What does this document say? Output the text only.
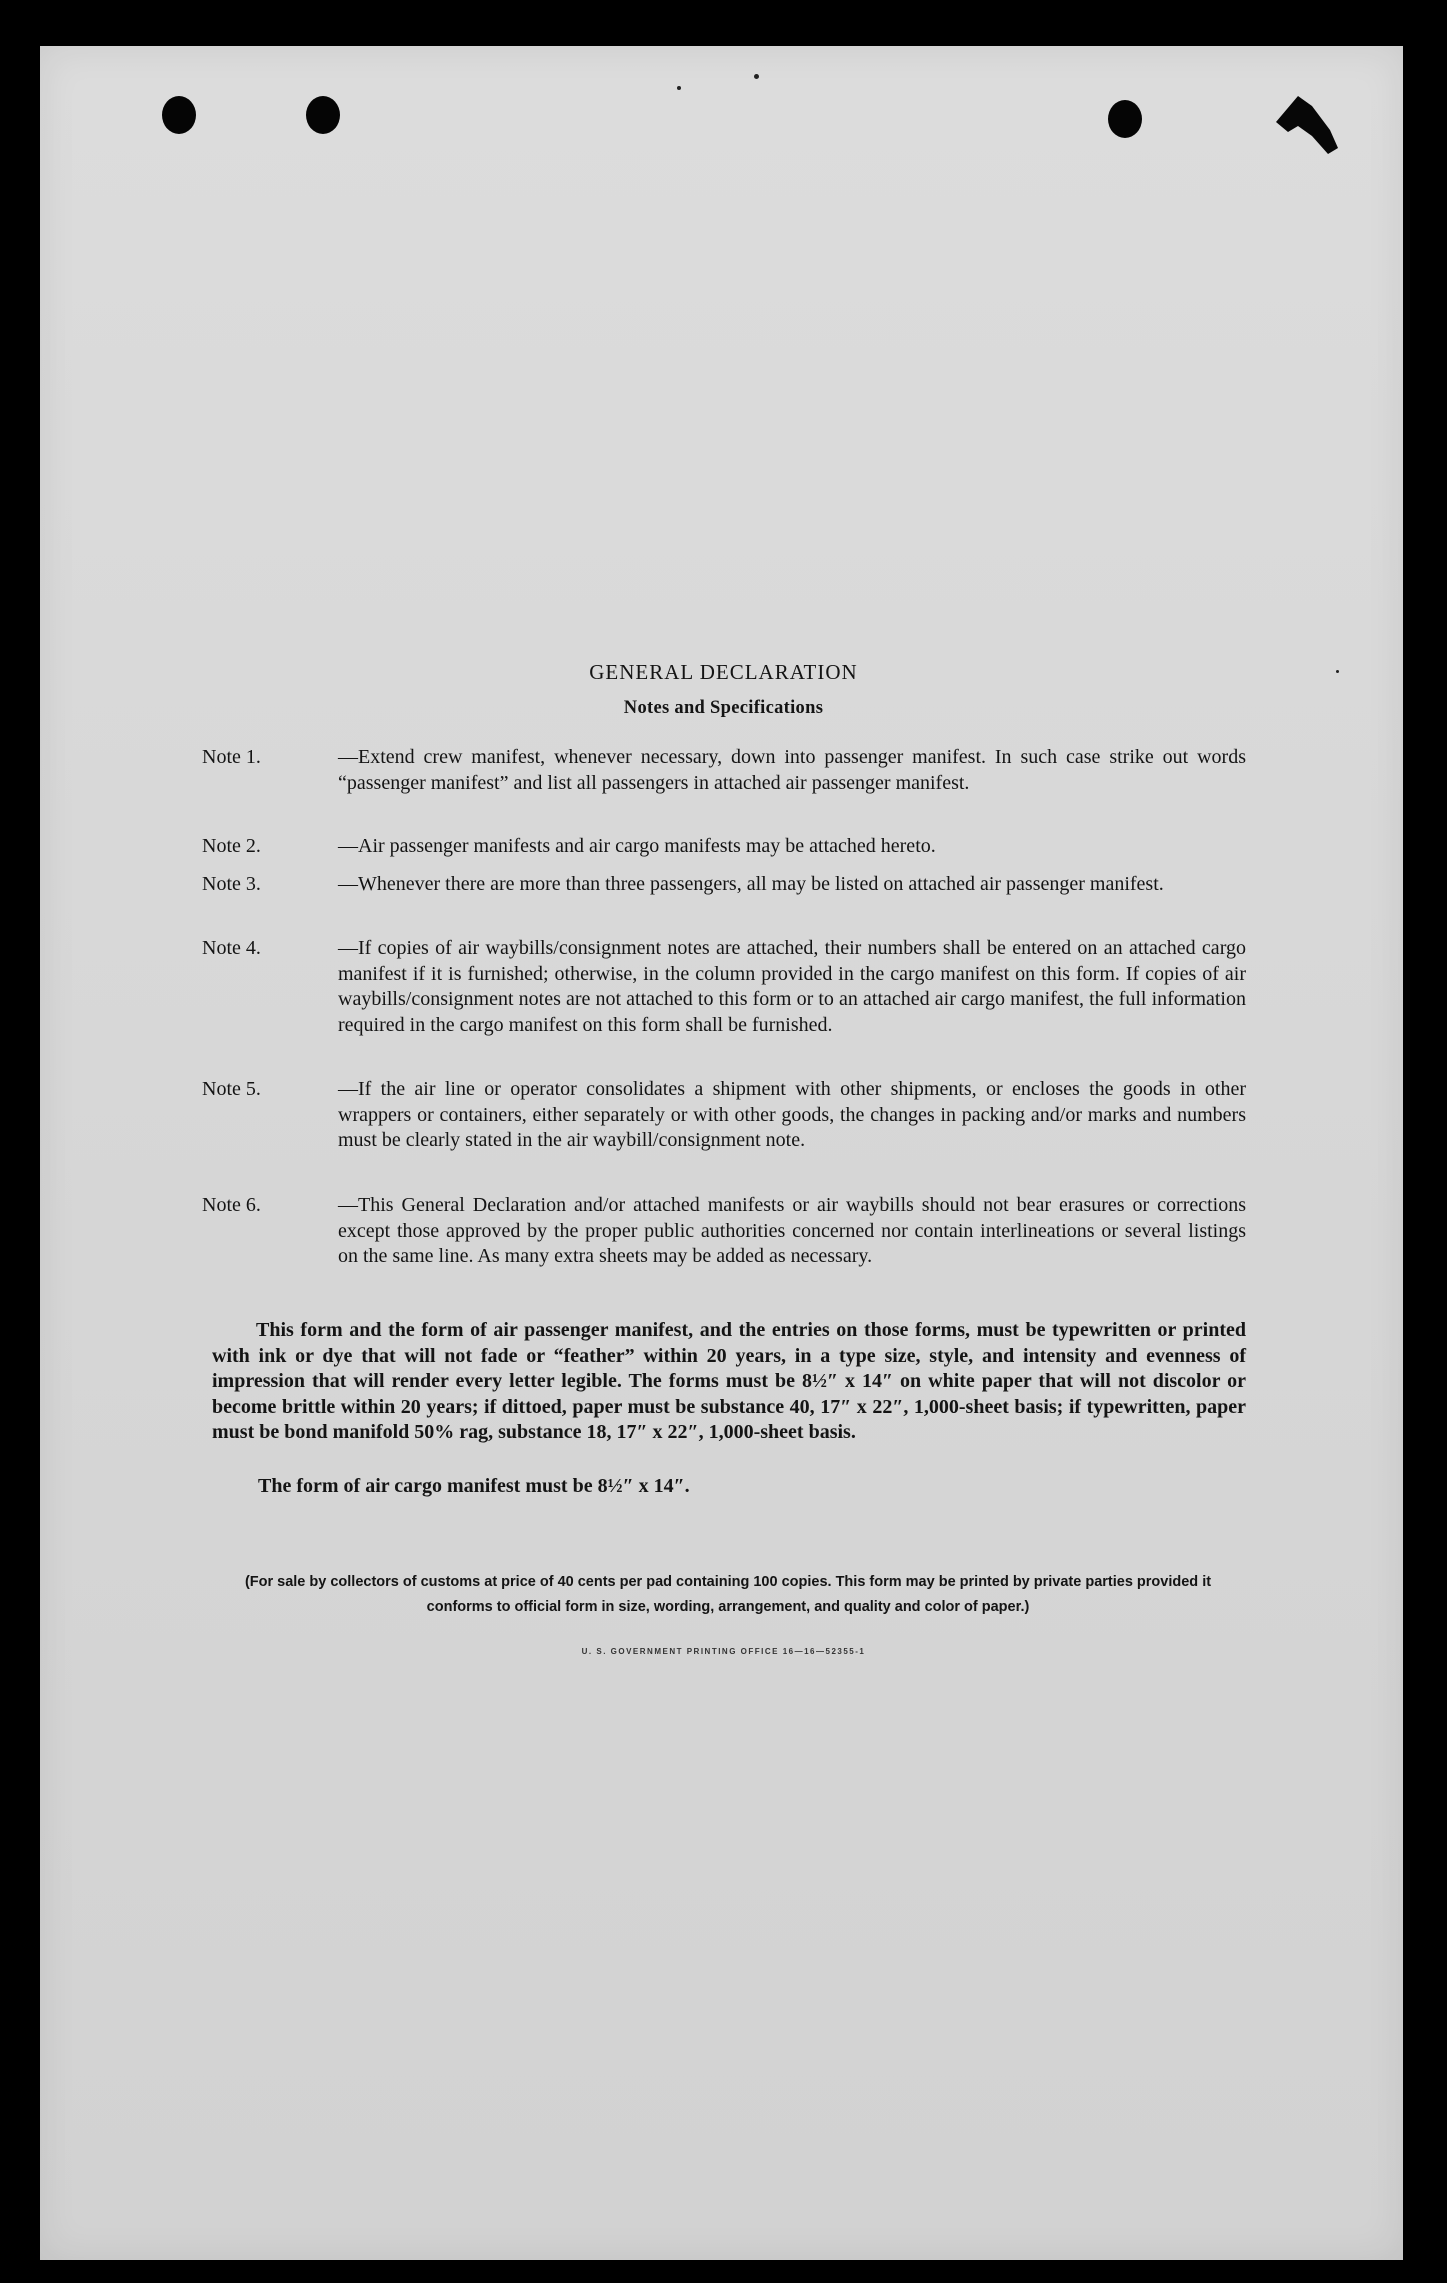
GENERAL DECLARATION
Notes and Specifications
Note 1.	—Extend crew manifest, whenever necessary, down into passenger manifest. In such case strike out words “passenger manifest” and list all passengers in attached air passenger manifest.
Note 2.	—Air passenger manifests and air cargo manifests may be attached hereto.
Note 3.	—Whenever there are more than three passengers, all may be listed on attached air passenger manifest.
Note 4.	—If copies of air waybills/consignment notes are attached, their numbers shall be entered on an attached cargo manifest if it is furnished; otherwise, in the column provided in the cargo manifest on this form. If copies of air waybills/consignment notes are not attached to this form or to an attached air cargo manifest, the full information required in the cargo manifest on this form shall be furnished.
Note 5.	—If the air line or operator consolidates a shipment with other shipments, or encloses the goods in other wrappers or containers, either separately or with other goods, the changes in packing and/or marks and numbers must be clearly stated in the air waybill/consignment note.
Note 6.	—This General Declaration and/or attached manifests or air waybills should not bear erasures or corrections except those approved by the proper public authorities concerned nor contain interlineations or several listings on the same line. As many extra sheets may be added as necessary.
This form and the form of air passenger manifest, and the entries on those forms, must be typewritten or printed with ink or dye that will not fade or “feather” within 20 years, in a type size, style, and intensity and evenness of impression that will render every letter legible. The forms must be 8½″ x 14″ on white paper that will not discolor or become brittle within 20 years; if dittoed, paper must be substance 40, 17″ x 22″, 1,000-sheet basis; if typewritten, paper must be bond manifold 50% rag, substance 18, 17″ x 22″, 1,000-sheet basis.
The form of air cargo manifest must be 8½″ x 14″.
(For sale by collectors of customs at price of 40 cents per pad containing 100 copies. This form may be printed by private parties provided it conforms to official form in size, wording, arrangement, and quality and color of paper.)
U. S. GOVERNMENT PRINTING OFFICE 16—16—52355-1
